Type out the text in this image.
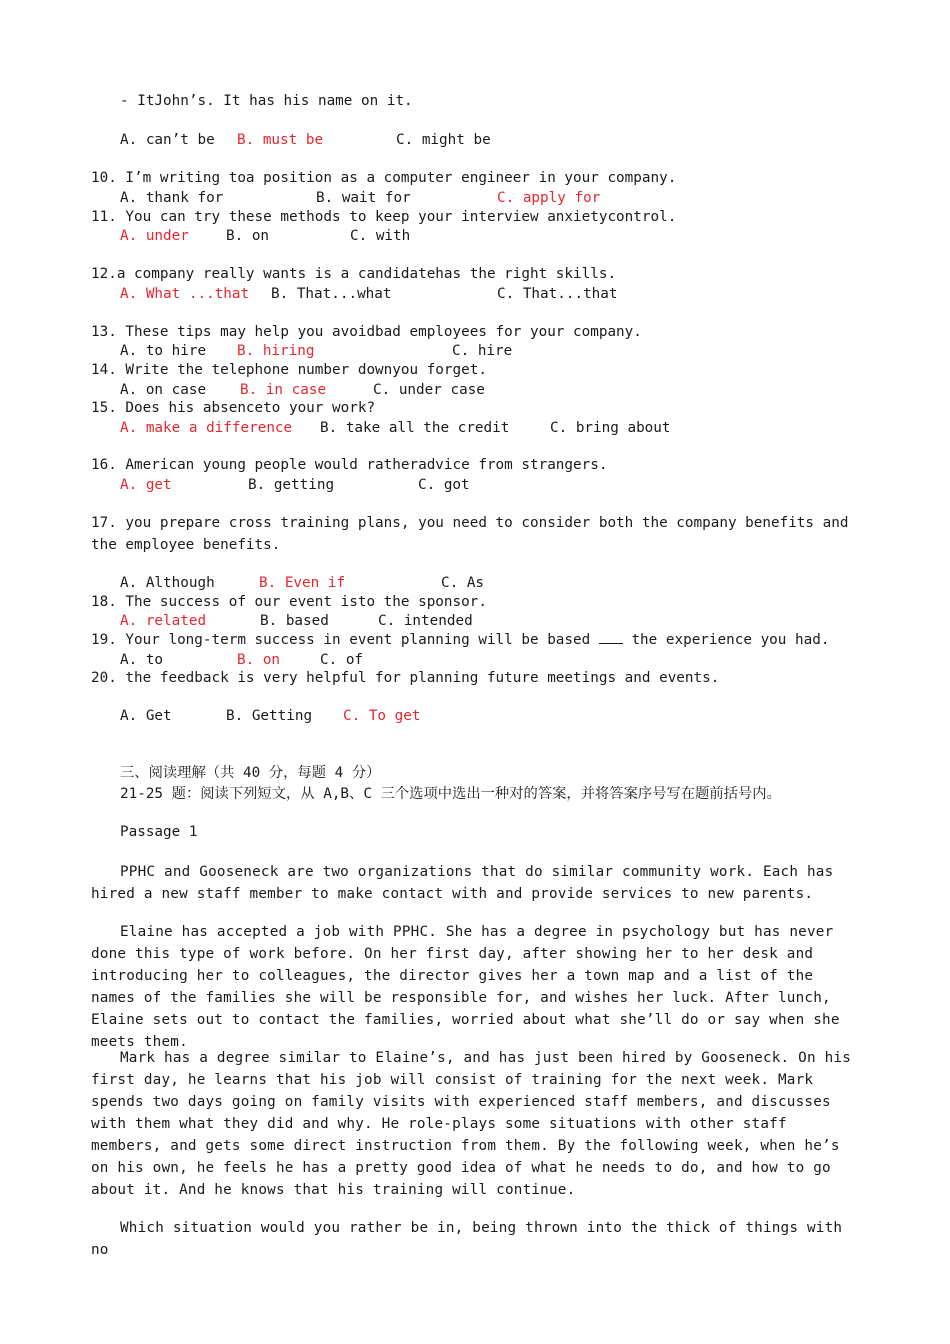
- ItJohn’s. It has his name on it.
A. can’t be B. must be	C. might be
10. I’m writing toa position as a computer engineer in your company.
A. thank for	B. wait for	C. apply for
11. You can try these methods to keep your interview anxietycontrol.
A. under	B. on	C. with
12.a company really wants is a candidatehas the right skills.
A. What ...that B. That...what	C. That...that
13. These tips may help you avoidbad employees for your company.
A. to hire B. hiring	C. hire
14. Write the telephone number downyou forget.
A. on case B. in case	C. under case
15. Does his absenceto your work?
A. make a difference B. take all the credit	C. bring about
16. American young people would ratheradvice from strangers.
A. get	B. getting	C. got
17. you prepare cross training plans, you need to consider both the company benefits and
the employee benefits.
A. Although	B. Even if	C. As
18. The success of our event isto the sponsor.
A. related	B. based	C. intended
19. Your long-term success in event planning will be based  the experience you had.
A. to	B. on	C. of
20. the feedback is very helpful for planning future meetings and events.
A. Get	B. Getting C. To get
三、阅读理解（共 40 分，每题 4 分）
21-25 题：阅读下列短文，从 A,B、C 三个选项中选出一种对的答案，并将答案序号写在题前括号内。
Passage 1
PPHC and Gooseneck are two organizations that do similar community work. Each has hired a new staff member to make contact with and provide services to new parents.
Elaine has accepted a job with PPHC. She has a degree in psychology but has never done this type of work before. On her first day, after showing her to her desk and introducing her to colleagues, the director gives her a town map and a list of the names of the families she will be responsible for, and wishes her luck. After lunch, Elaine sets out to contact the families, worried about what she’ll do or say when she meets them.
Mark has a degree similar to Elaine’s, and has just been hired by Gooseneck. On his first day, he learns that his job will consist of training for the next week. Mark spends two days going on family visits with experienced staff members, and discusses with them what they did and why. He role-plays some situations with other staff members, and gets some direct instruction from them. By the following week, when he’s on his own, he feels he has a pretty good idea of what he needs to do, and how to go about it. And he knows that his training will continue.
Which situation would you rather be in, being thrown into the thick of things with no
